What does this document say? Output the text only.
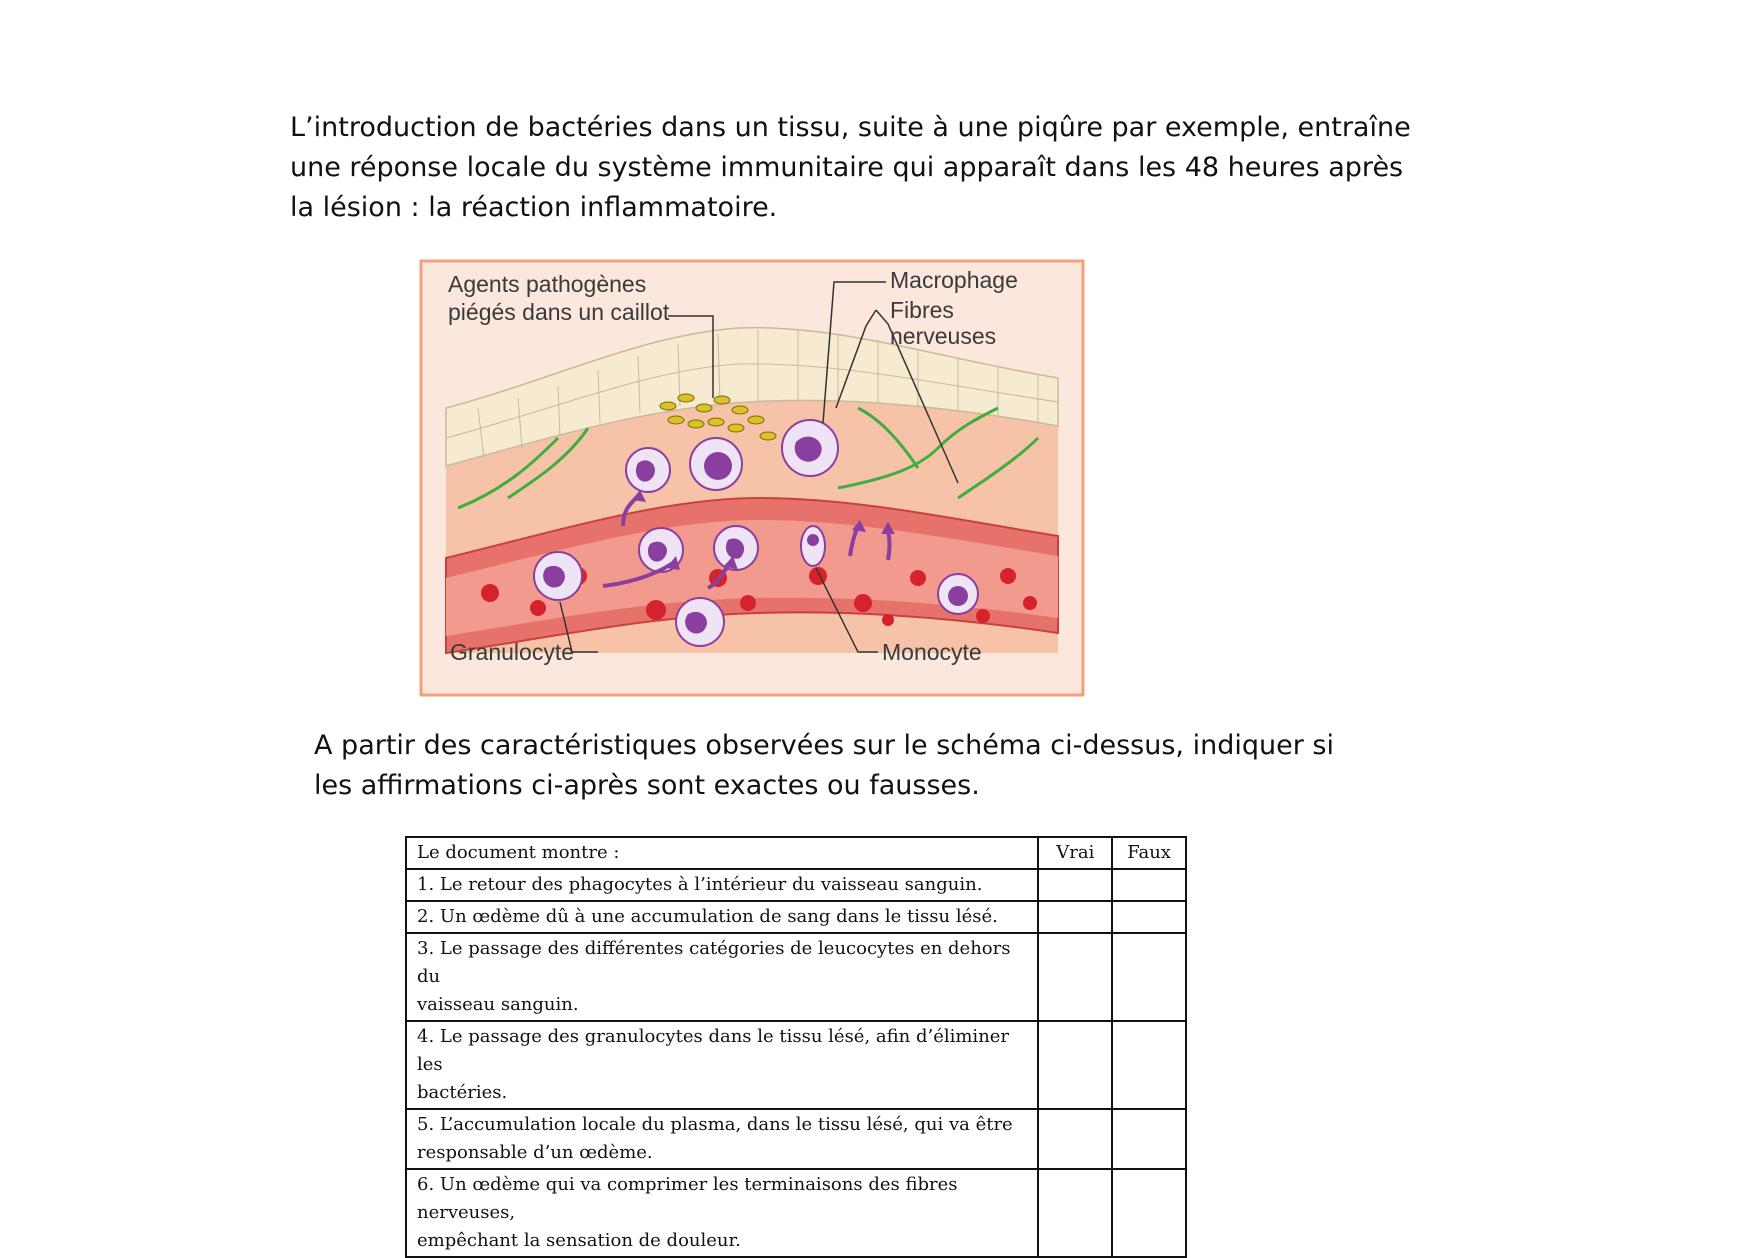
L’introduction de bactéries dans un tissu, suite à une piqûre par exemple, entraîne
une réponse locale du système immunitaire qui apparaît dans les 48 heures après
la lésion : la réaction inflammatoire.
Agents pathogènes
piégés dans un caillot
Macrophage
Fibres
nerveuses
Granulocyte	Monocyte
A partir des caractéristiques observées sur le schéma ci-dessus, indiquer si
les affirmations ci-après sont exactes ou fausses.
Le document montre :	Vrai	Faux

1. Le retour des phagocytes à l’intérieur du vaisseau sanguin.		

2. Un œdème dû à une accumulation de sang dans le tissu lésé.		

3. Le passage des différentes catégories de leucocytes en dehors du
vaisseau sanguin.		

4. Le passage des granulocytes dans le tissu lésé, afin d’éliminer les
bactéries.		

5. L’accumulation locale du plasma, dans le tissu lésé, qui va être
responsable d’un œdème.		

6. Un œdème qui va comprimer les terminaisons des fibres nerveuses,
empêchant la sensation de douleur.		
